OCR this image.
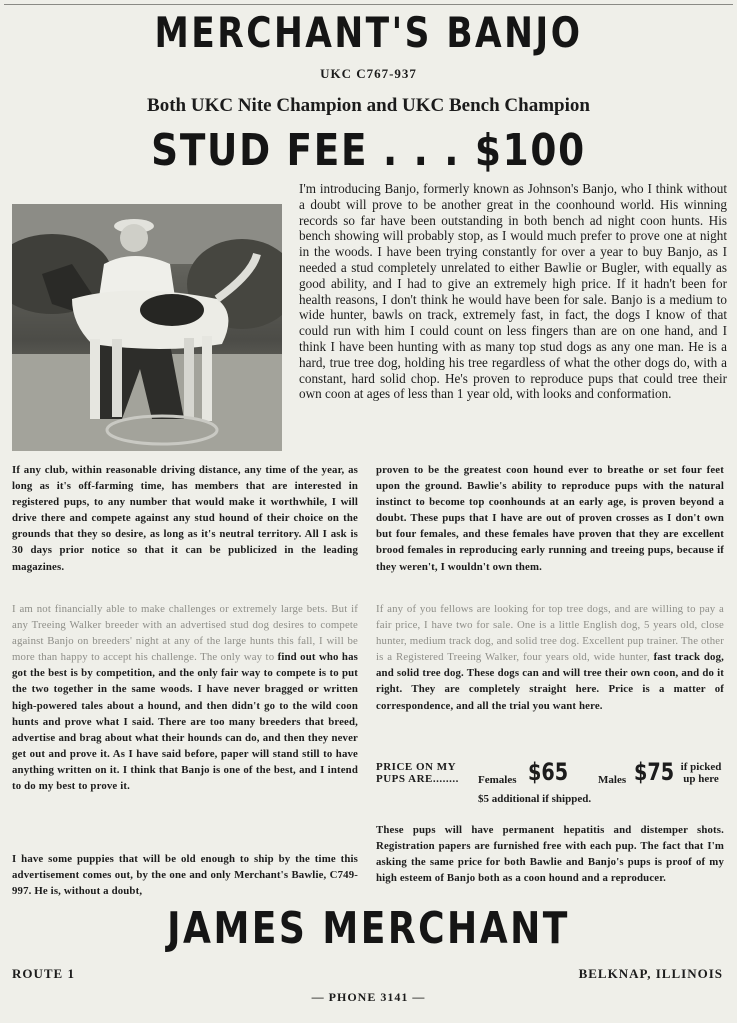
MERCHANT'S BANJO
UKC C767-937
Both UKC Nite Champion and UKC Bench Champion
STUD FEE . . . $100
I'm introducing Banjo, formerly known as Johnson's Banjo, who I think without a doubt will prove to be another great in the coonhound world. His winning records so far have been outstanding in both bench ad night coon hunts. His bench showing will probably stop, as I would much prefer to prove one at night in the woods. I have been trying constantly for over a year to buy Banjo, as I needed a stud completely unrelated to either Bawlie or Bugler, with equally as good ability, and I had to give an extremely high price. If it hadn't been for health reasons, I don't think he would have been for sale. Banjo is a medium to wide hunter, bawls on track, extremely fast, in fact, the dogs I know of that could run with him I could count on less fingers than are on one hand, and I think I have been hunting with as many top stud dogs as any one man. He is a hard, true tree dog, holding his tree regardless of what the other dogs do, with a constant, hard solid chop. He's proven to reproduce pups that could tree their own coon at ages of less than 1 year old, with looks and conformation.
If any club, within reasonable driving distance, any time of the year, as long as it's off-farming time, has members that are interested in registered pups, to any number that would make it worthwhile, I will drive there and compete against any stud hound of their choice on the grounds that they so desire, as long as it's neutral territory. All I ask is 30 days prior notice so that it can be publicized in the leading magazines.
I am not financially able to make challenges or extremely large bets. But if any Treeing Walker breeder with an advertised stud dog desires to compete against Banjo on breeders' night at any of the large hunts this fall, I will be more than happy to accept his challenge. The only way to find out who has got the best is by competition, and the only fair way to compete is to put the two together in the same woods. I have never bragged or written high-powered tales about a hound, and then didn't go to the wild coon hunts and prove what I said. There are too many breeders that breed, advertise and brag about what their hounds can do, and then they never get out and prove it. As I have said before, paper will stand still to have anything written on it. I think that Banjo is one of the best, and I intend to do my best to prove it.
I have some puppies that will be old enough to ship by the time this advertisement comes out, by the one and only Merchant's Bawlie, C749-997. He is, without a doubt,
proven to be the greatest coon hound ever to breathe or set four feet upon the ground. Bawlie's ability to reproduce pups with the natural instinct to become top coonhounds at an early age, is proven beyond a doubt. These pups that I have are out of proven crosses as I don't own but four females, and these females have proven that they are excellent brood females in reproducing early running and treeing pups, because if they weren't, I wouldn't own them.
If any of you fellows are looking for top tree dogs, and are willing to pay a fair price, I have two for sale. One is a little English dog, 5 years old, close hunter, medium track dog, and solid tree dog. Excellent pup trainer. The other is a Registered Treeing Walker, four years old, wide hunter, fast track dog, and solid tree dog. These dogs can and will tree their own coon, and do it right. They are completely straight here. Price is a matter of correspondence, and all the trial you want here.
PRICE ON MY
PUPS ARE........ Females $65	Males $75 if picked
up here
$5 additional if shipped.
These pups will have permanent hepatitis and distemper shots. Registration papers are furnished free with each pup. The fact that I'm asking the same price for both Bawlie and Banjo's pups is proof of my high esteem of Banjo both as a coon hound and a reproducer.
JAMES MERCHANT
ROUTE 1	BELKNAP, ILLINOIS
— PHONE 3141 —
